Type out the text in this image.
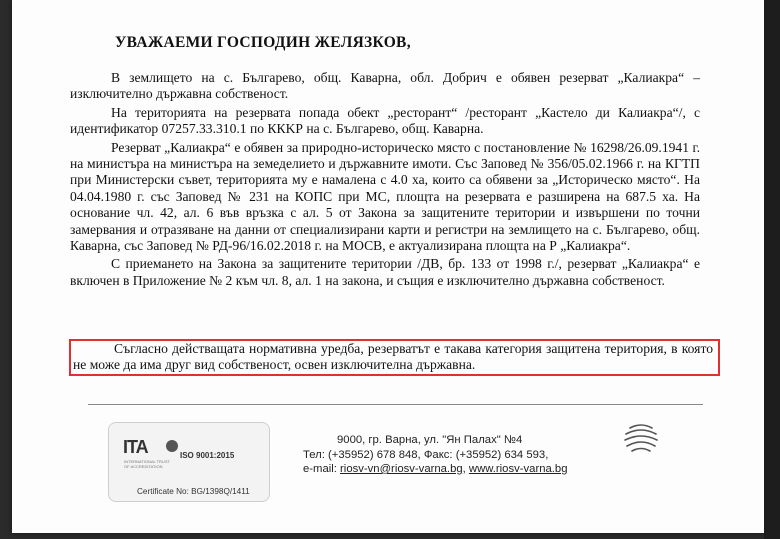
УВАЖАЕМИ ГОСПОДИН ЖЕЛЯЗКОВ,

В землището на с. Българево, общ. Каварна, обл. Добрич е обявен резерват „Калиакра“ – изключително държавна собственост.

На територията на резервата попада обект „ресторант“ /ресторант „Кастело ди Калиакра“/, с идентификатор 07257.33.310.1 по ККKР на с. Българево, общ. Каварна.

Резерват „Калиакра“ е обявен за природно-историческо място с постановление № 16298/26.09.1941 г. на министъра на министъра на земеделието и държавните имоти. Със Заповед № 356/05.02.1966 г. на КГТП при Министерски съвет, територията му е намалена с 4.0 ха, които са обявени за „Историческо място“. На 04.04.1980 г. със Заповед № 231 на КОПС при МС, площта на резервата е разширена на 687.5 ха. На основание чл. 42, ал. 6 във връзка с ал. 5 от Закона за защитените територии и извършени по точни замервания и отразяване на данни от специализирани карти и регистри на землището на с. Българево, общ. Каварна, със Заповед № РД-96/16.02.2018 г. на МОСВ, е актуализирана площта на Р „Калиакра“.

С приемането на Закона за защитените територии /ДВ, бр. 133 от 1998 г./, резерват „Калиакра“ е включен в Приложение № 2 към чл. 8, ал. 1 на закона, и същия е изключително държавна собственост.

Съгласно действащата нормативна уредба, резерватът е такава категория защитена територия, в която не може да има друг вид собственост, освен изключителна държавна.

ITA
INTERNATIONAL TRUST OF ACCREDITATION
ISO 9001:2015
Certificate No: BG/1398Q/1411
9000, гр. Варна, ул. "Ян Палах" №4
Тел: (+35952) 678 848, Факс: (+35952) 634 593,
e-mail: riosv-vn@riosv-varna.bg, www.riosv-varna.bg
